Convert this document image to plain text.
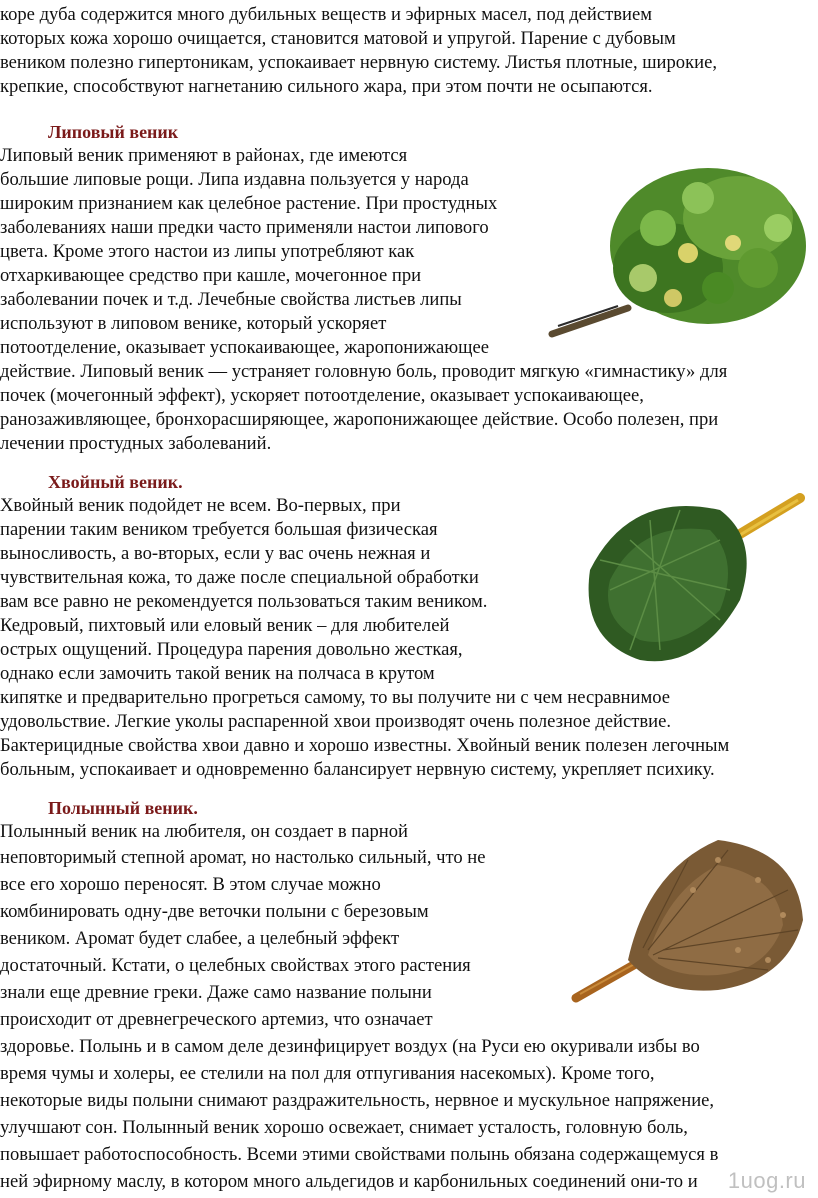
коре дуба содержится много дубильных веществ и эфирных масел, под действием
которых кожа хорошо очищается, становится матовой и упругой. Парение с дубовым
веником полезно гипертоникам, успокаивает нервную систему. Листья плотные, широкие,
крепкие, способствуют нагнетанию сильного жара, при этом почти не осыпаются.
Липовый веник
Липовый веник применяют в районах, где имеются
большие липовые рощи. Липа издавна пользуется у народа
широким признанием как целебное растение. При простудных
заболеваниях наши предки часто применяли настои липового
цвета. Кроме этого настои из липы употребляют как
отхаркивающее средство при кашле, мочегонное при
заболевании почек и т.д. Лечебные свойства листьев липы
используют в липовом венике, который ускоряет
потоотделение, оказывает успокаивающее, жаропонижающее
действие. Липовый веник — устраняет головную боль, проводит мягкую «гимнастику» для
почек (мочегонный эффект), ускоряет потоотделение, оказывает успокаивающее,
ранозаживляющее, бронхорасширяющее, жаропонижающее действие. Особо полезен, при
лечении простудных заболеваний.
Хвойный веник.
Хвойный веник подойдет не всем. Во-первых, при
парении таким веником требуется большая физическая
выносливость, а во-вторых, если у вас очень нежная и
чувствительная кожа, то даже после специальной обработки
вам все равно не рекомендуется пользоваться таким веником.
Кедровый, пихтовый или еловый веник – для любителей
острых ощущений. Процедура парения довольно жесткая,
однако если замочить такой веник на полчаса в крутом
кипятке и предварительно прогреться самому, то вы получите ни с чем несравнимое
удовольствие. Легкие уколы распаренной хвои производят очень полезное действие.
Бактерицидные свойства хвои давно и хорошо известны. Хвойный веник полезен легочным
больным, успокаивает и одновременно балансирует нервную систему, укрепляет психику.
Полынный веник.
Полынный веник на любителя, он создает в парной
неповторимый степной аромат, но настолько сильный, что не
все его хорошо переносят. В этом случае можно
комбинировать одну-две веточки полыни с березовым
веником. Аромат будет слабее, а целебный эффект
достаточный. Кстати, о целебных свойствах этого растения
знали еще древние греки. Даже само название полыни
происходит от древнегреческого артемиз, что означает
здоровье. Полынь и в самом деле дезинфицирует воздух (на Руси ею окуривали избы во
время чумы и холеры, ее стелили на пол для отпугивания насекомых). Кроме того,
некоторые виды полыни снимают раздражительность, нервное и мускульное напряжение,
улучшают сон. Полынный веник хорошо освежает, снимает усталость, головную боль,
повышает работоспособность. Всеми этими свойствами полынь обязана содержащемуся в
ней эфирному маслу, в котором много альдегидов и карбонильных соединений они-то и 1uog.ru
